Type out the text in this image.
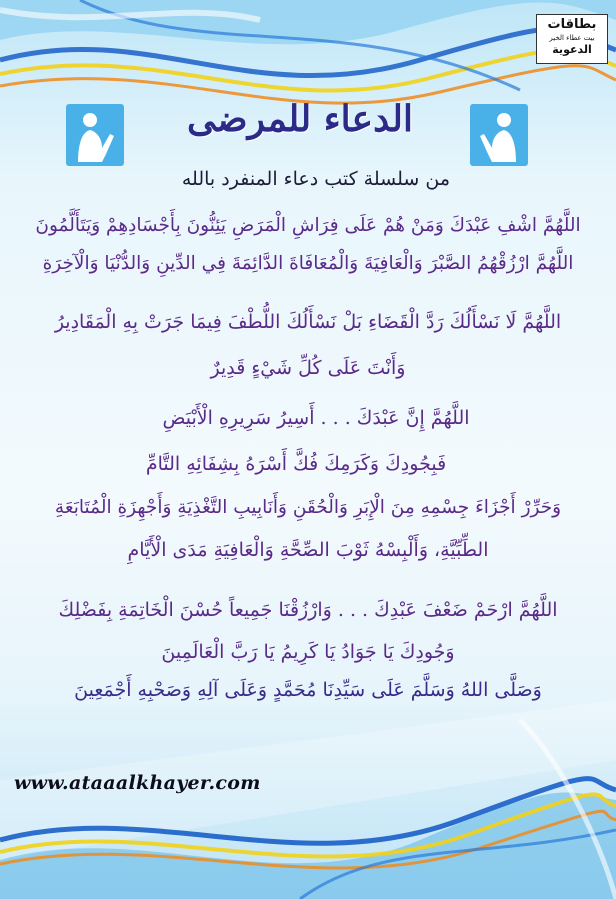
بطاقات
بيت عطاء الخير
الدعوية
الدعاء للمرضى
من سلسلة كتب دعاء المنفرد بالله
اللَّهُمَّ اشْفِ عَبْدَكَ وَمَنْ هُمْ عَلَى فِرَاشِ الْمَرَضِ يَئِنُّونَ بِأَجْسَادِهِمْ وَيَتَأَلَّمُونَ
اللَّهُمَّ ارْزُقْهُمُ الصَّبْرَ وَالْعَافِيَةَ وَالْمُعَافَاةَ الدَّائِمَةَ فِي الدِّينِ وَالدُّنْيَا وَالْآخِرَةِ
اللَّهُمَّ لَا نَسْأَلُكَ رَدَّ الْقَضَاءِ بَلْ نَسْأَلُكَ اللُّطْفَ فِيمَا جَرَتْ بِهِ الْمَقَادِيرُ
وَأَنْتَ عَلَى كُلِّ شَيْءٍ قَدِيرٌ
اللَّهُمَّ إِنَّ عَبْدَكَ . . . أَسِيرُ سَرِيرِهِ الْأَبْيَضِ
فَبِجُودِكَ وَكَرَمِكَ فُكَّ أَسْرَهُ بِشِفَائِهِ التَّامِّ
وَحَرِّرْ أَجْزَاءَ جِسْمِهِ مِنَ الْإِبَرِ وَالْحُقَنِ وَأَنَابِيبِ التَّغْذِيَةِ وَأَجْهِزَةِ الْمُتَابَعَةِ
الطِّبِّيَّةِ، وَأَلْبِسْهُ ثَوْبَ الصِّحَّةِ وَالْعَافِيَةِ مَدَى الْأَيَّامِ
اللَّهُمَّ ارْحَمْ ضَعْفَ عَبْدِكَ . . . وَارْزُقْنَا جَمِيعاً حُسْنَ الْخَاتِمَةِ بِفَضْلِكَ
وَجُودِكَ يَا جَوَادُ يَا كَرِيمُ يَا رَبَّ الْعَالَمِينَ
وَصَلَّى اللهُ وَسَلَّمَ عَلَى سَيِّدِنَا مُحَمَّدٍ وَعَلَى آلِهِ وَصَحْبِهِ أَجْمَعِينَ
www.ataaalkhayer.com
